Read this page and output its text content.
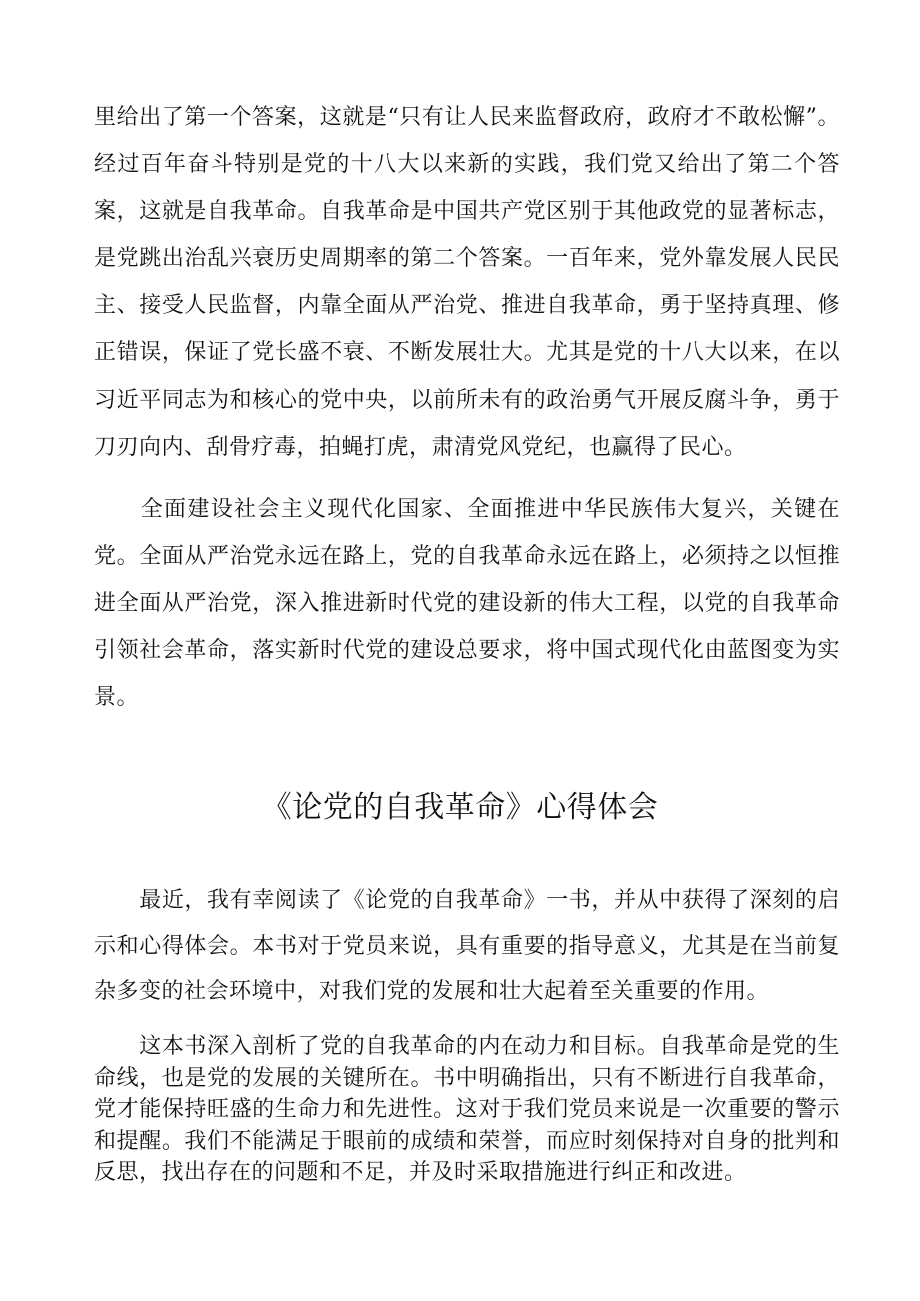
里给出了第一个答案，这就是“只有让人民来监督政府，政府才不敢松懈”。经过百年奋斗特别是党的十八大以来新的实践，我们党又给出了第二个答案，这就是自我革命。自我革命是中国共产党区别于其他政党的显著标志，是党跳出治乱兴衰历史周期率的第二个答案。一百年来，党外靠发展人民民主、接受人民监督，内靠全面从严治党、推进自我革命，勇于坚持真理、修正错误，保证了党长盛不衰、不断发展壮大。尤其是党的十八大以来，在以习近平同志为和核心的党中央，以前所未有的政治勇气开展反腐斗争，勇于刀刃向内、刮骨疗毒，拍蝇打虎，肃清党风党纪，也赢得了民心。

　　全面建设社会主义现代化国家、全面推进中华民族伟大复兴，关键在党。全面从严治党永远在路上，党的自我革命永远在路上，必须持之以恒推进全面从严治党，深入推进新时代党的建设新的伟大工程，以党的自我革命引领社会革命，落实新时代党的建设总要求，将中国式现代化由蓝图变为实景。

《论党的自我革命》心得体会

　　最近，我有幸阅读了《论党的自我革命》一书，并从中获得了深刻的启示和心得体会。本书对于党员来说，具有重要的指导意义，尤其是在当前复杂多变的社会环境中，对我们党的发展和壮大起着至关重要的作用。

　　这本书深入剖析了党的自我革命的内在动力和目标。自我革命是党的生命线，也是党的发展的关键所在。书中明确指出，只有不断进行自我革命，党才能保持旺盛的生命力和先进性。这对于我们党员来说是一次重要的警示和提醒。我们不能满足于眼前的成绩和荣誉，而应时刻保持对自身的批判和反思，找出存在的问题和不足，并及时采取措施进行纠正和改进。
